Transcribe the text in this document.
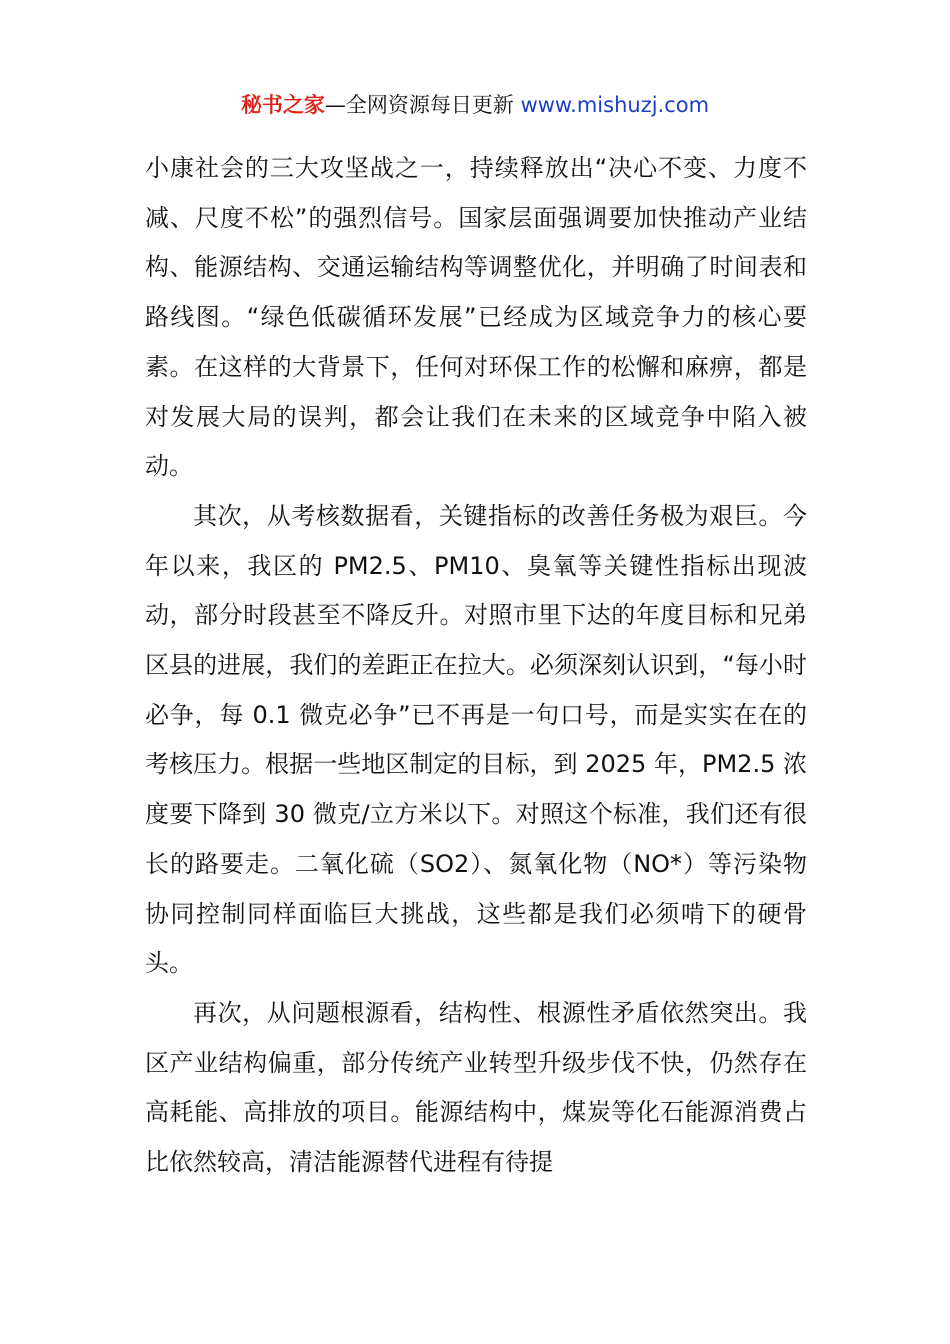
秘书之家—全网资源每日更新 www.mishuzj.com

小康社会的三大攻坚战之一，持续释放出“决心不变、力度不减、尺度不松”的强烈信号。国家层面强调要加快推动产业结构、能源结构、交通运输结构等调整优化，并明确了时间表和路线图。“绿色低碳循环发展”已经成为区域竞争力的核心要素。在这样的大背景下，任何对环保工作的松懈和麻痹，都是对发展大局的误判，都会让我们在未来的区域竞争中陷入被动。

其次，从考核数据看，关键指标的改善任务极为艰巨。今年以来，我区的 PM2.5、PM10、臭氧等关键性指标出现波动，部分时段甚至不降反升。对照市里下达的年度目标和兄弟区县的进展，我们的差距正在拉大。必须深刻认识到，“每小时必争，每 0.1 微克必争”已不再是一句口号，而是实实在在的考核压力。根据一些地区制定的目标，到 2025 年，PM2.5 浓度要下降到 30 微克/立方米以下。对照这个标准，我们还有很长的路要走。二氧化硫（SO2）、氮氧化物（NO*）等污染物协同控制同样面临巨大挑战，这些都是我们必须啃下的硬骨头。

再次，从问题根源看，结构性、根源性矛盾依然突出。我区产业结构偏重，部分传统产业转型升级步伐不快，仍然存在高耗能、高排放的项目。能源结构中，煤炭等化石能源消费占比依然较高，清洁能源替代进程有待提
